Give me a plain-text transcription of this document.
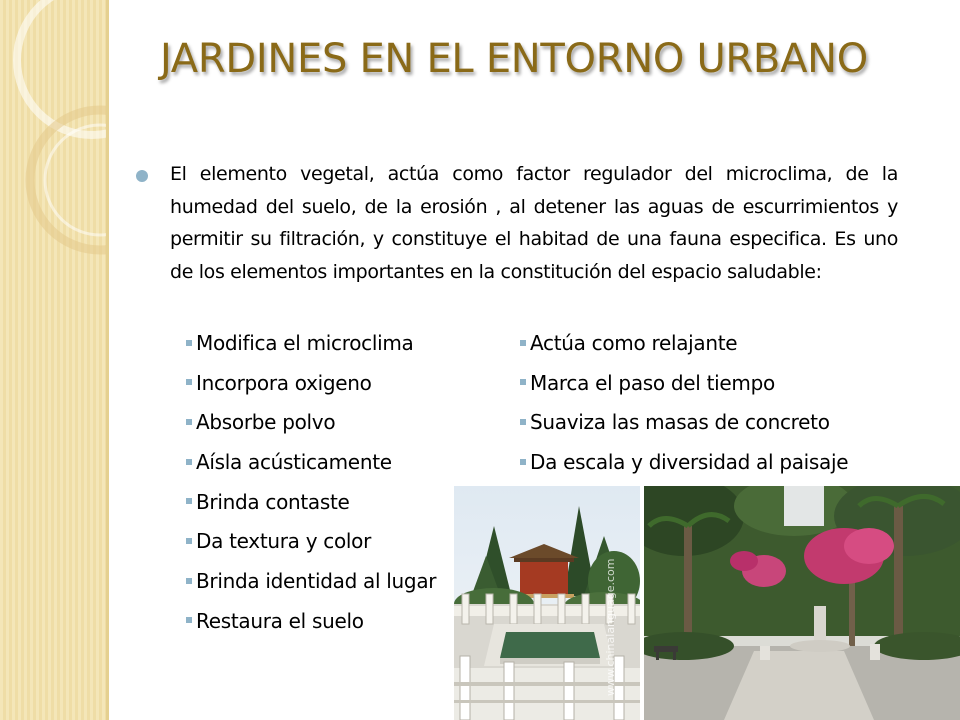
JARDINES EN EL ENTORNO URBANO

El elemento vegetal, actúa como factor regulador del microclima, de la humedad del suelo, de la erosión , al detener las aguas de escurrimientos y permitir su filtración, y constituye el habitad de una fauna especifica. Es uno de los elementos importantes en la constitución del espacio saludable:

Modifica el microclima
Incorpora oxigeno
Absorbe polvo
Aísla acústicamente
Brinda contaste
Da textura y color
Brinda identidad al lugar
Restaura el suelo
Actúa como relajante
Marca el paso del tiempo
Suaviza las masas de concreto
Da escala y diversidad al paisaje
www.chinalanguage.com
